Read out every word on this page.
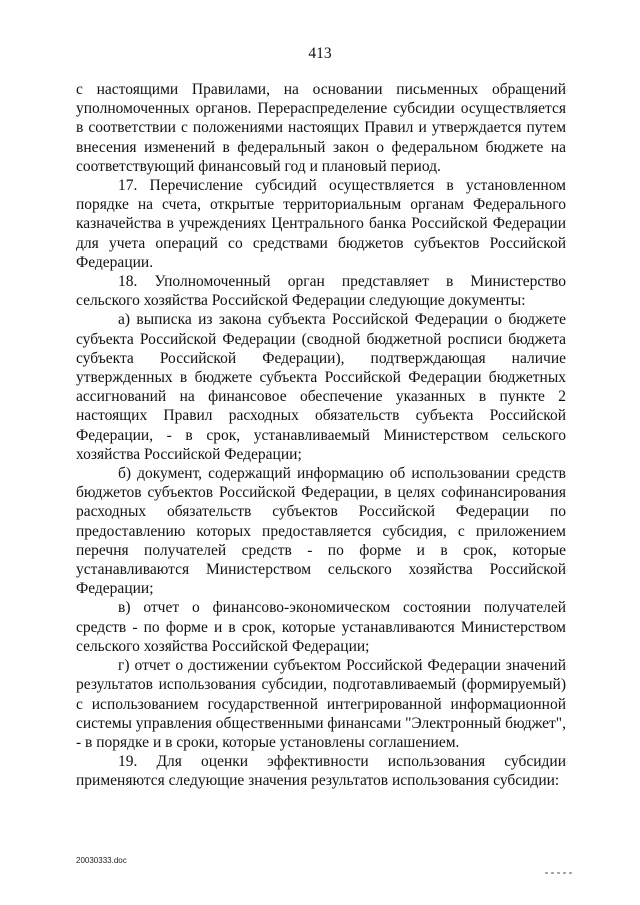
413

с настоящими Правилами, на основании письменных обращений уполномоченных органов. Перераспределение субсидии осуществляется в соответствии с положениями настоящих Правил и утверждается путем внесения изменений в федеральный закон о федеральном бюджете на соответствующий финансовый год и плановый период.

17. Перечисление субсидий осуществляется в установленном порядке на счета, открытые территориальным органам Федерального казначейства в учреждениях Центрального банка Российской Федерации для учета операций со средствами бюджетов субъектов Российской Федерации.

18. Уполномоченный орган представляет в Министерство сельского хозяйства Российской Федерации следующие документы:

а) выписка из закона субъекта Российской Федерации о бюджете субъекта Российской Федерации (сводной бюджетной росписи бюджета субъекта Российской Федерации), подтверждающая наличие утвержденных в бюджете субъекта Российской Федерации бюджетных ассигнований на финансовое обеспечение указанных в пункте 2 настоящих Правил расходных обязательств субъекта Российской Федерации, - в срок, устанавливаемый Министерством сельского хозяйства Российской Федерации;

б) документ, содержащий информацию об использовании средств бюджетов субъектов Российской Федерации, в целях софинансирования расходных обязательств субъектов Российской Федерации по предоставлению которых предоставляется субсидия, с приложением перечня получателей средств - по форме и в срок, которые устанавливаются Министерством сельского хозяйства Российской Федерации;

в) отчет о финансово-экономическом состоянии получателей средств - по форме и в срок, которые устанавливаются Министерством сельского хозяйства Российской Федерации;

г) отчет о достижении субъектом Российской Федерации значений результатов использования субсидии, подготавливаемый (формируемый) с использованием государственной интегрированной информационной системы управления общественными финансами "Электронный бюджет", - в порядке и в сроки, которые установлены соглашением.

19. Для оценки эффективности использования субсидии применяются следующие значения результатов использования субсидии:

20030333.doc
